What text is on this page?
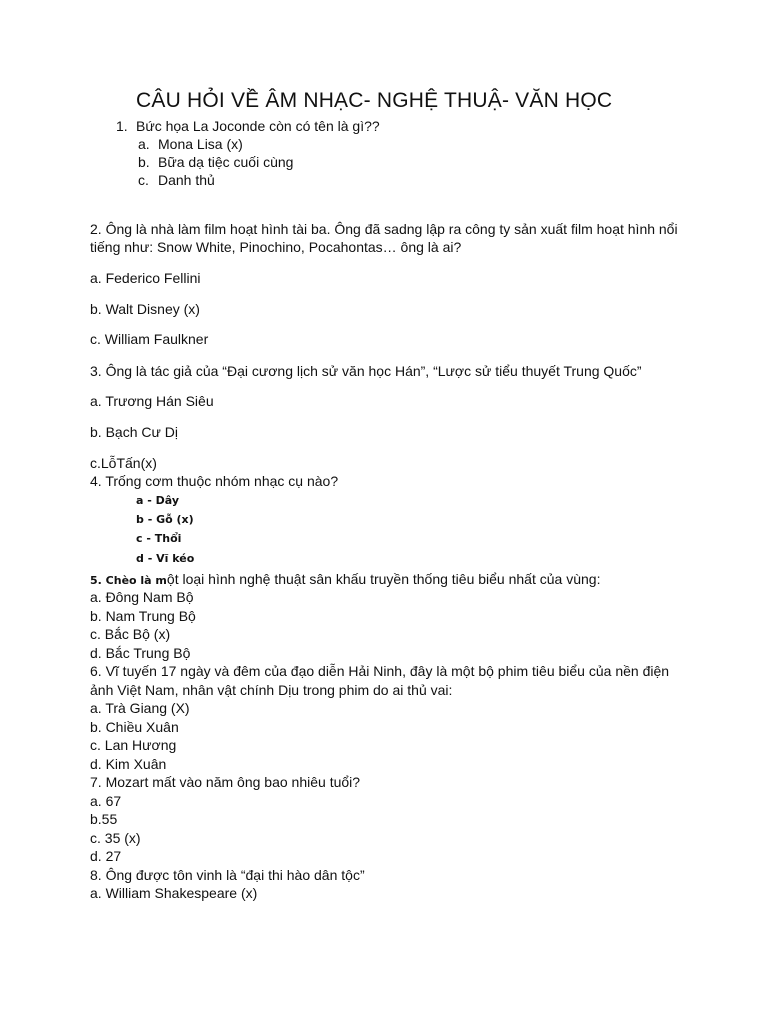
CÂU HỎI VỀ ÂM NHẠC- NGHỆ THUẬ- VĂN HỌC
1. Bức họa La Joconde còn có tên là gì??
a. Mona Lisa (x)
b. Bữa dạ tiệc cuối cùng
c. Danh thủ
2. Ông là nhà làm film hoạt hình tài ba. Ông đã sadng lập ra công ty sản xuất film hoạt hình nổi
tiếng như: Snow White, Pinochino, Pocahontas… ông là ai?
a. Federico Fellini
b. Walt Disney (x)
c. William Faulkner
3. Ông là tác giả của “Đại cương lịch sử văn học Hán”, “Lược sử tiểu thuyết Trung Quốc”
a. Trương Hán Siêu
b. Bạch Cư Dị
c.LỗTấn(x)
4. Trống cơm thuộc nhóm nhạc cụ nào?
a - Dây
b - Gỗ (x)
c - Thổi
d - Vĩ kéo
5. Chèo là một loại hình nghệ thuật sân khấu truyền thống tiêu biểu nhất của vùng:
a. Đông Nam Bộ
b. Nam Trung Bộ
c. Bắc Bộ (x)
d. Bắc Trung Bộ
6. Vĩ tuyến 17 ngày và đêm của đạo diễn Hải Ninh, đây là một bộ phim tiêu biểu của nền điện
ảnh Việt Nam, nhân vật chính Dịu trong phim do ai thủ vai:
a. Trà Giang (X)
b. Chiều Xuân
c. Lan Hương
d. Kim Xuân
7. Mozart mất vào năm ông bao nhiêu tuổi?
a. 67
b.55
c. 35 (x)
d. 27
8. Ông được tôn vinh là “đại thi hào dân tộc”
a. William Shakespeare (x)
